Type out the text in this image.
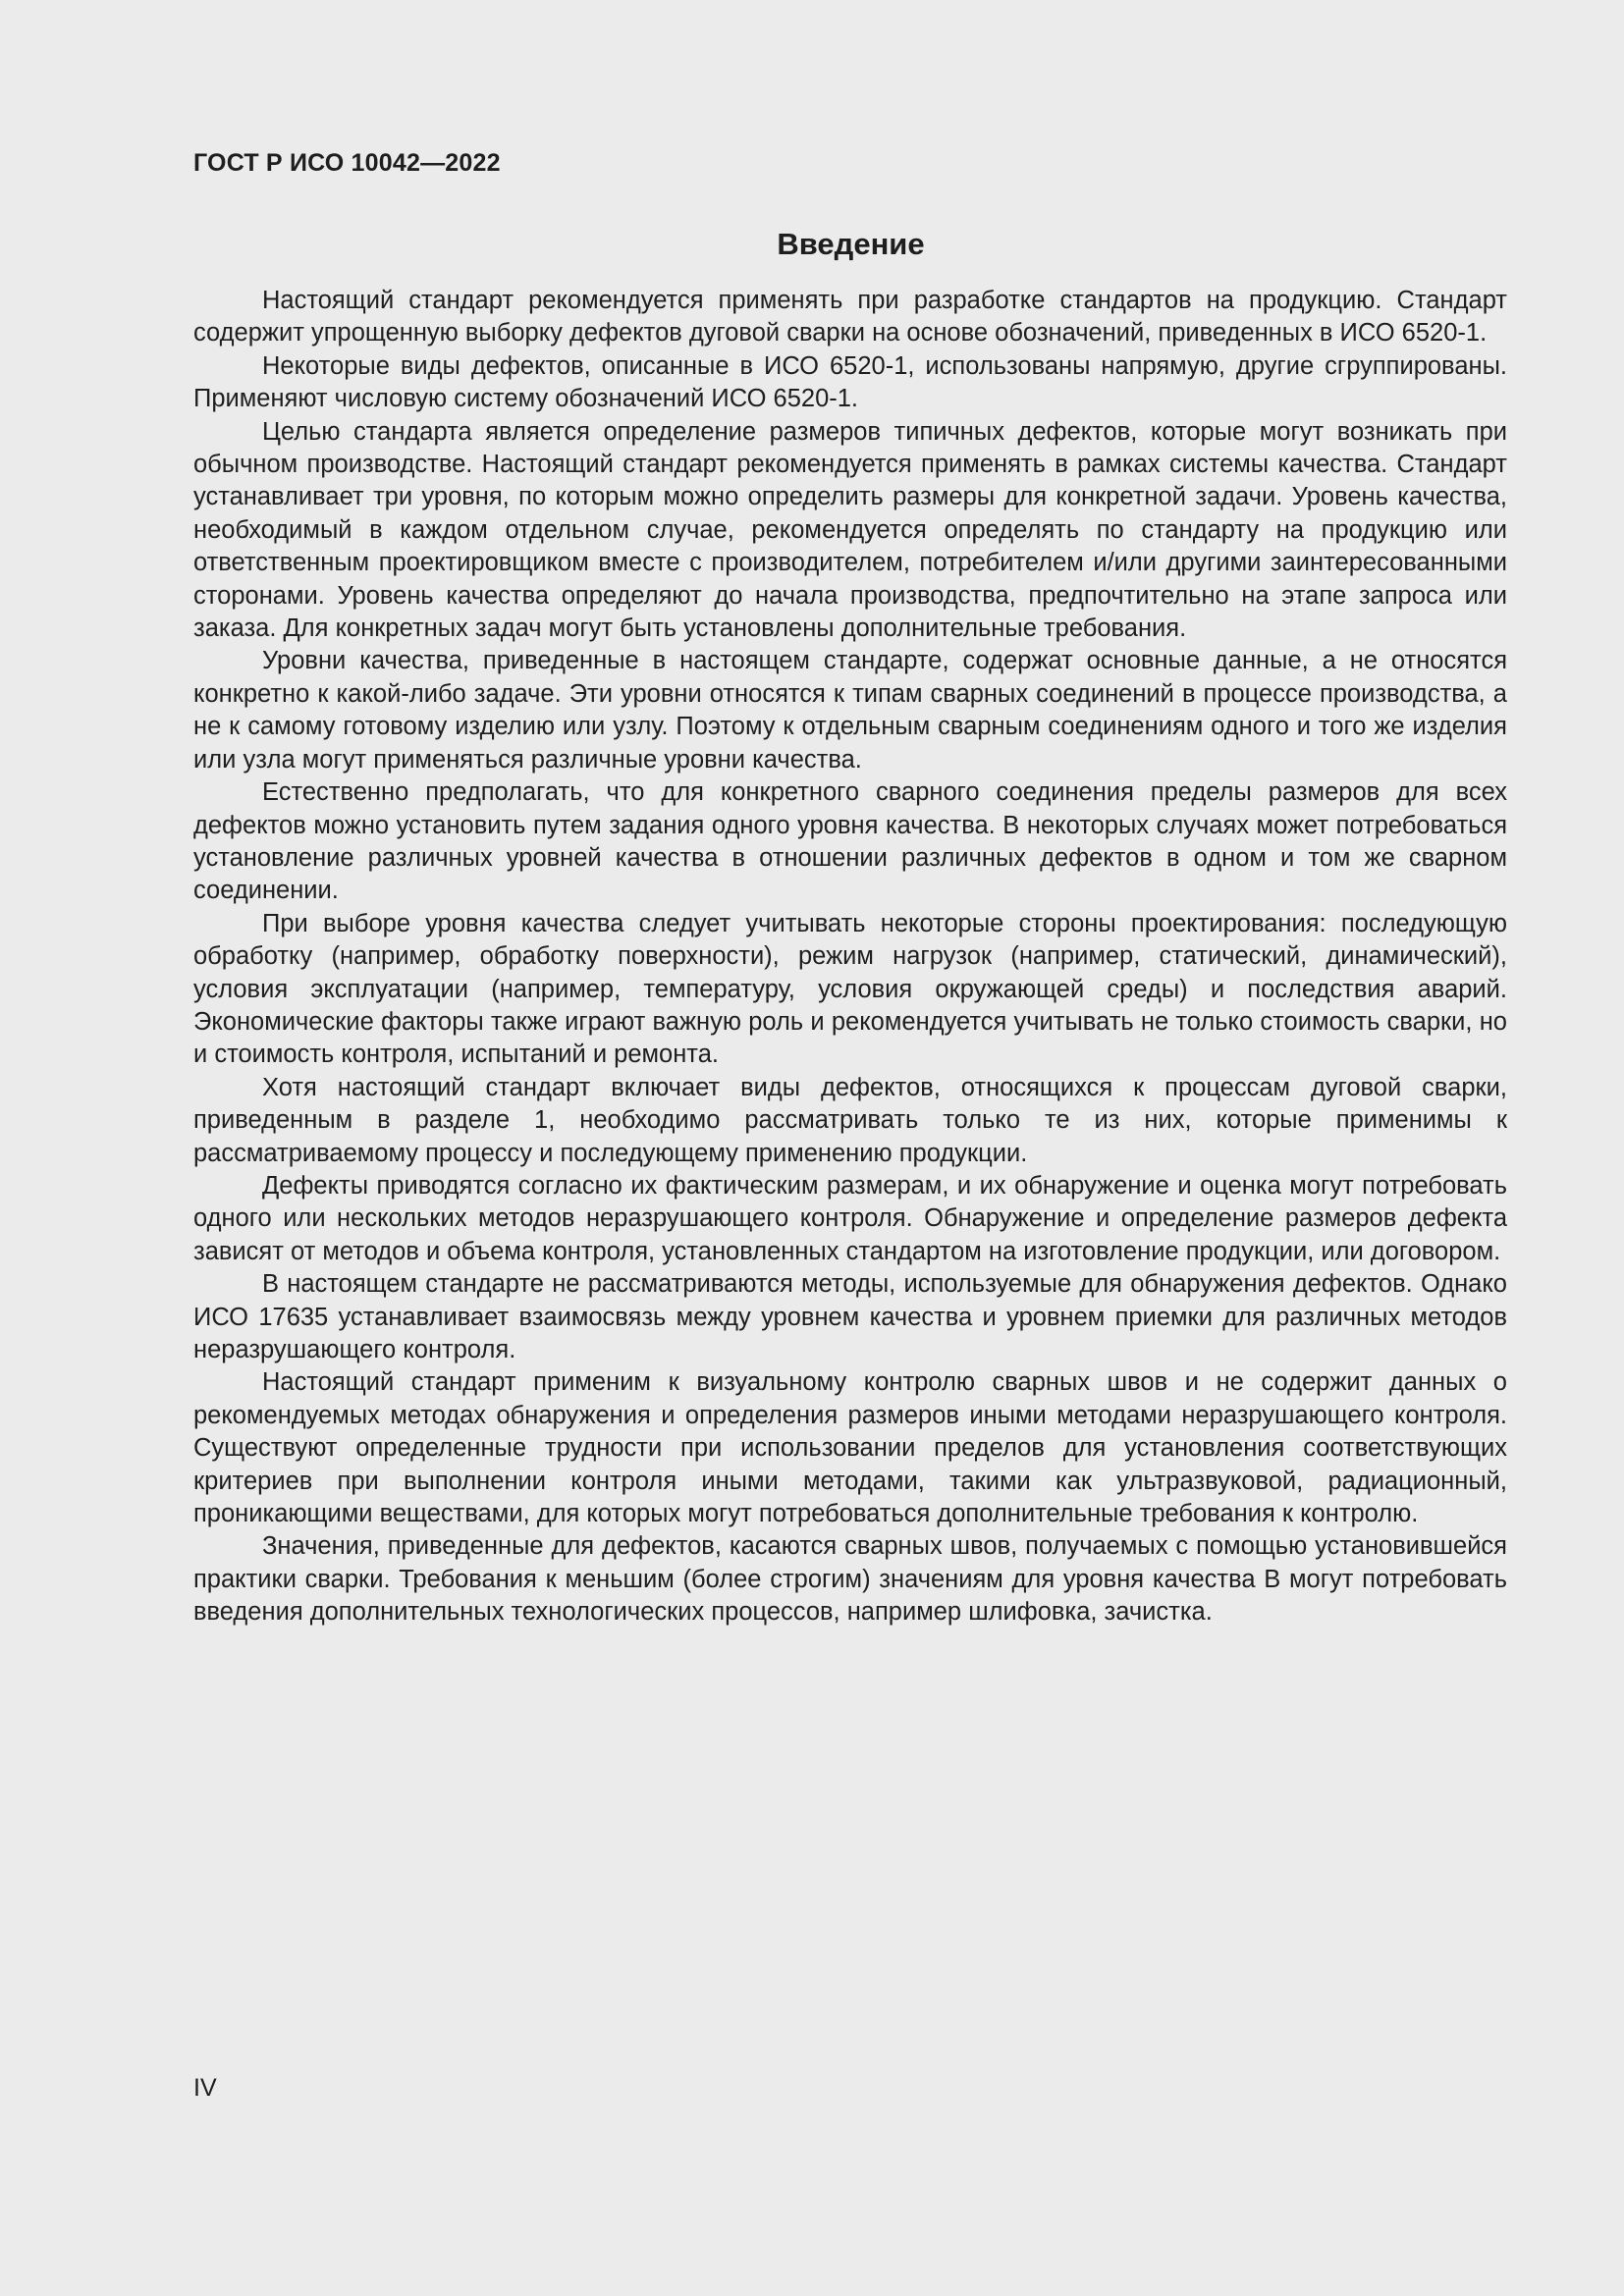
ГОСТ Р ИСО 10042—2022
Введение

Настоящий стандарт рекомендуется применять при разработке стандартов на продукцию. Стандарт содержит упрощенную выборку дефектов дуговой сварки на основе обозначений, приведенных в ИСО 6520-1.

Некоторые виды дефектов, описанные в ИСО 6520-1, использованы напрямую, другие сгруппированы. Применяют числовую систему обозначений ИСО 6520-1.

Целью стандарта является определение размеров типичных дефектов, которые могут возникать при обычном производстве. Настоящий стандарт рекомендуется применять в рамках системы качества. Стандарт устанавливает три уровня, по которым можно определить размеры для конкретной задачи. Уровень качества, необходимый в каждом отдельном случае, рекомендуется определять по стандарту на продукцию или ответственным проектировщиком вместе с производителем, потребителем и/или другими заинтересованными сторонами. Уровень качества определяют до начала производства, предпочтительно на этапе запроса или заказа. Для конкретных задач могут быть установлены дополнительные требования.

Уровни качества, приведенные в настоящем стандарте, содержат основные данные, а не относятся конкретно к какой-либо задаче. Эти уровни относятся к типам сварных соединений в процессе производства, а не к самому готовому изделию или узлу. Поэтому к отдельным сварным соединениям одного и того же изделия или узла могут применяться различные уровни качества.

Естественно предполагать, что для конкретного сварного соединения пределы размеров для всех дефектов можно установить путем задания одного уровня качества. В некоторых случаях может потребоваться установление различных уровней качества в отношении различных дефектов в одном и том же сварном соединении.

При выборе уровня качества следует учитывать некоторые стороны проектирования: последующую обработку (например, обработку поверхности), режим нагрузок (например, статический, динамический), условия эксплуатации (например, температуру, условия окружающей среды) и последствия аварий. Экономические факторы также играют важную роль и рекомендуется учитывать не только стоимость сварки, но и стоимость контроля, испытаний и ремонта.

Хотя настоящий стандарт включает виды дефектов, относящихся к процессам дуговой сварки, приведенным в разделе 1, необходимо рассматривать только те из них, которые применимы к рассматриваемому процессу и последующему применению продукции.

Дефекты приводятся согласно их фактическим размерам, и их обнаружение и оценка могут потребовать одного или нескольких методов неразрушающего контроля. Обнаружение и определение размеров дефекта зависят от методов и объема контроля, установленных стандартом на изготовление продукции, или договором.

В настоящем стандарте не рассматриваются методы, используемые для обнаружения дефектов. Однако ИСО 17635 устанавливает взаимосвязь между уровнем качества и уровнем приемки для различных методов неразрушающего контроля.

Настоящий стандарт применим к визуальному контролю сварных швов и не содержит данных о рекомендуемых методах обнаружения и определения размеров иными методами неразрушающего контроля. Существуют определенные трудности при использовании пределов для установления соответствующих критериев при выполнении контроля иными методами, такими как ультразвуковой, радиационный, проникающими веществами, для которых могут потребоваться дополнительные требования к контролю.

Значения, приведенные для дефектов, касаются сварных швов, получаемых с помощью установившейся практики сварки. Требования к меньшим (более строгим) значениям для уровня качества В могут потребовать введения дополнительных технологических процессов, например шлифовка, зачистка.

IV
